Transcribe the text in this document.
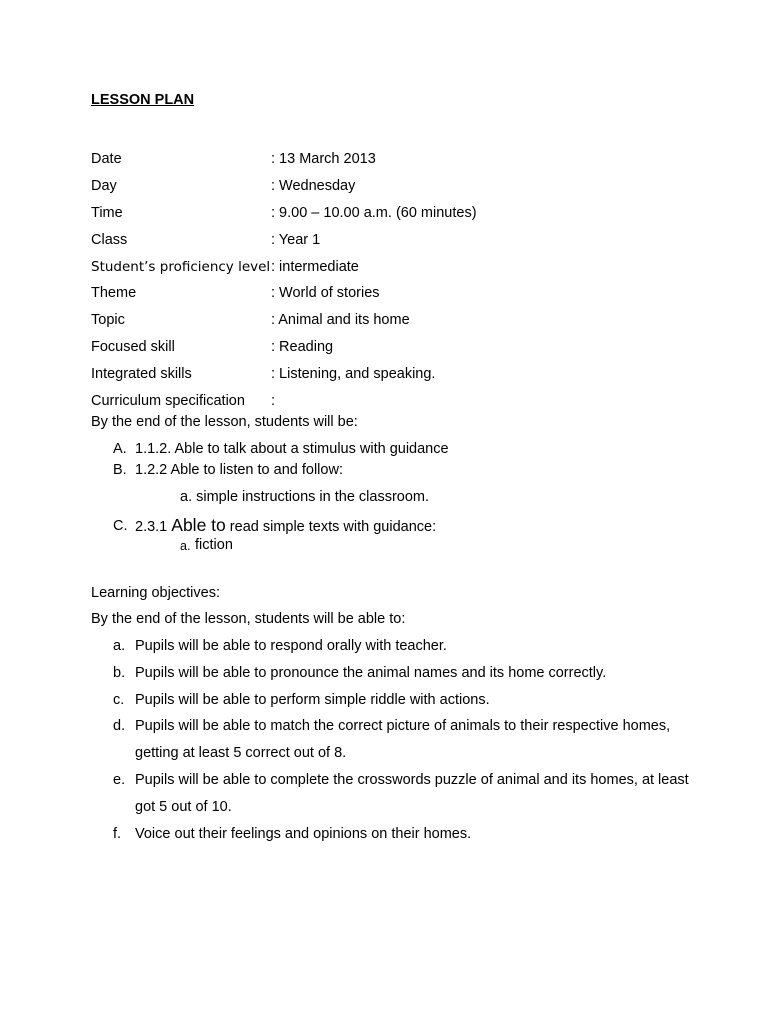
LESSON PLAN
Date	: 13 March 2013
Day	: Wednesday
Time	: 9.00 – 10.00 a.m. (60 minutes)
Class	: Year 1
Student’s proficiency level : intermediate
Theme	: World of stories
Topic	: Animal and its home
Focused skill	: Reading
Integrated skills	: Listening, and speaking.
Curriculum specification	:
By the end of the lesson, students will be:
A. 1.1.2. Able to talk about a stimulus with guidance
B. 1.2.2 Able to listen to and follow:
a. simple instructions in the classroom.
C. 2.3.1 Able to read simple texts with guidance:
a. fiction
Learning objectives:
By the end of the lesson, students will be able to:
a. Pupils will be able to respond orally with teacher.
b. Pupils will be able to pronounce the animal names and its home correctly.
c. Pupils will be able to perform simple riddle with actions.
d. Pupils will be able to match the correct picture of animals to their respective homes, getting at least 5 correct out of 8.
e. Pupils will be able to complete the crosswords puzzle of animal and its homes, at least got 5 out of 10.
f. Voice out their feelings and opinions on their homes.
